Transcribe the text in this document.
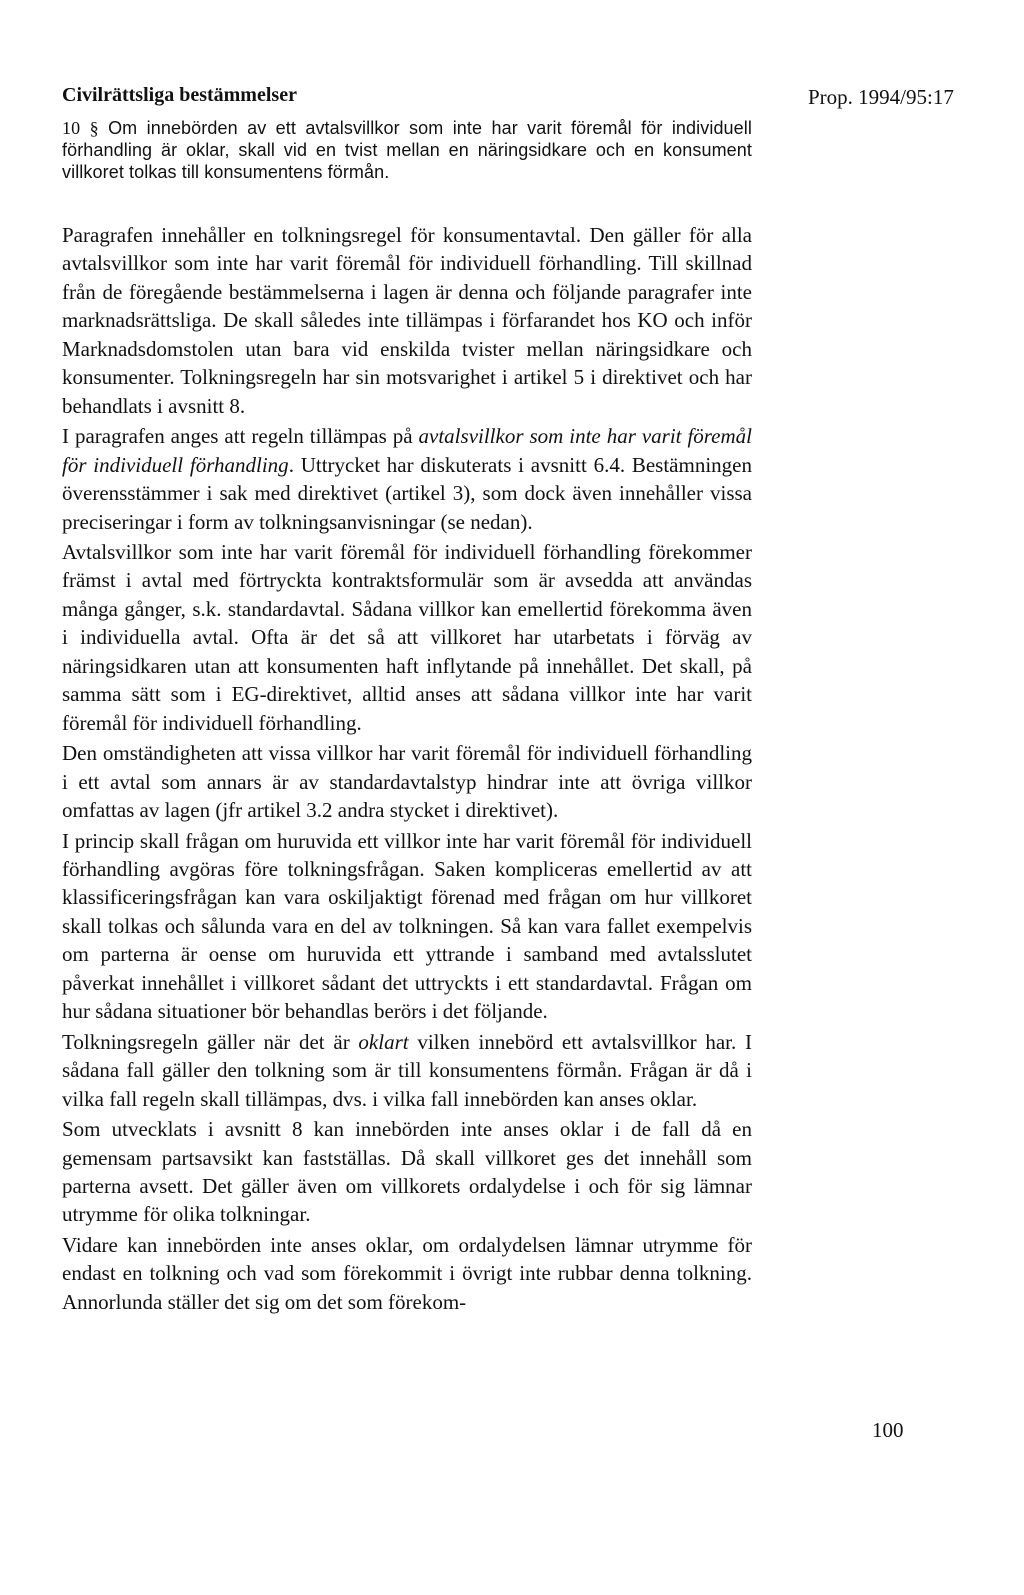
Civilrättsliga bestämmelser	Prop. 1994/95:17
10 § Om innebörden av ett avtalsvillkor som inte har varit föremål för individuell förhandling är oklar, skall vid en tvist mellan en näringsidkare och en konsument villkoret tolkas till konsumentens förmån.

Paragrafen innehåller en tolkningsregel för konsumentavtal. Den gäller för alla avtalsvillkor som inte har varit föremål för individuell förhandling. Till skillnad från de föregående bestämmelserna i lagen är denna och följande paragrafer inte marknadsrättsliga. De skall således inte tillämpas i förfarandet hos KO och inför Marknadsdomstolen utan bara vid enskilda tvister mellan näringsidkare och konsumenter. Tolkningsregeln har sin motsvarighet i artikel 5 i direktivet och har behandlats i avsnitt 8.

I paragrafen anges att regeln tillämpas på avtalsvillkor som inte har varit föremål för individuell förhandling. Uttrycket har diskuterats i avsnitt 6.4. Bestämningen överensstämmer i sak med direktivet (artikel 3), som dock även innehåller vissa preciseringar i form av tolkningsanvisningar (se nedan).

Avtalsvillkor som inte har varit föremål för individuell förhandling förekommer främst i avtal med förtryckta kontraktsformulär som är avsedda att användas många gånger, s.k. standardavtal. Sådana villkor kan emellertid förekomma även i individuella avtal. Ofta är det så att villkoret har utarbetats i förväg av näringsidkaren utan att konsumenten haft inflytande på innehållet. Det skall, på samma sätt som i EG-direktivet, alltid anses att sådana villkor inte har varit föremål för individuell förhandling.

Den omständigheten att vissa villkor har varit föremål för individuell förhandling i ett avtal som annars är av standardavtalstyp hindrar inte att övriga villkor omfattas av lagen (jfr artikel 3.2 andra stycket i direktivet).

I princip skall frågan om huruvida ett villkor inte har varit föremål för individuell förhandling avgöras före tolkningsfrågan. Saken kompliceras emellertid av att klassificeringsfrågan kan vara oskiljaktigt förenad med frågan om hur villkoret skall tolkas och sålunda vara en del av tolkningen. Så kan vara fallet exempelvis om parterna är oense om huruvida ett yttrande i samband med avtalsslutet påverkat innehållet i villkoret sådant det uttryckts i ett standardavtal. Frågan om hur sådana situationer bör behandlas berörs i det följande.

Tolkningsregeln gäller när det är oklart vilken innebörd ett avtalsvillkor har. I sådana fall gäller den tolkning som är till konsumentens förmån. Frågan är då i vilka fall regeln skall tillämpas, dvs. i vilka fall innebörden kan anses oklar.

Som utvecklats i avsnitt 8 kan innebörden inte anses oklar i de fall då en gemensam partsavsikt kan fastställas. Då skall villkoret ges det innehåll som parterna avsett. Det gäller även om villkorets ordalydelse i och för sig lämnar utrymme för olika tolkningar.

Vidare kan innebörden inte anses oklar, om ordalydelsen lämnar utrymme för endast en tolkning och vad som förekommit i övrigt inte rubbar denna tolkning. Annorlunda ställer det sig om det som förekom-

100
